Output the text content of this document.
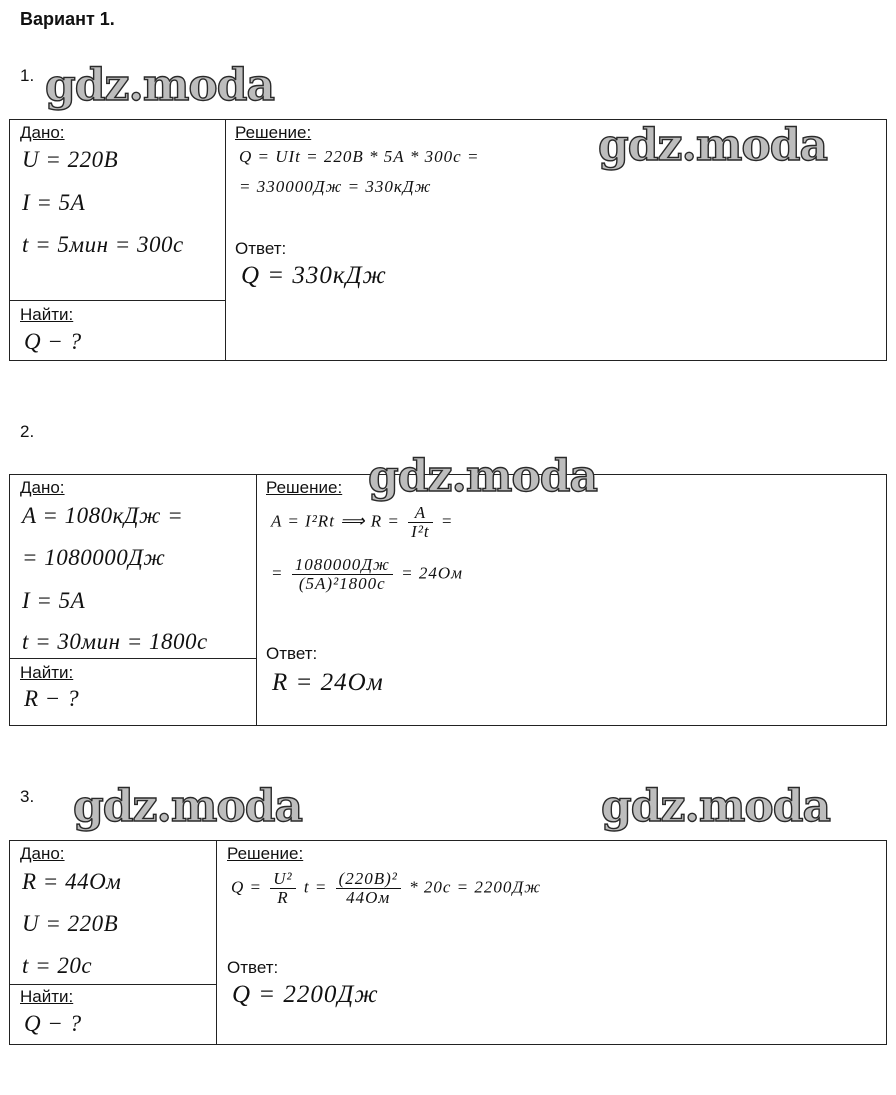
Вариант 1.
1. gdz.moda
Дано:
U = 220В
I = 5А
t = 5мин = 300с
Найти:
Q − ?
Решение:
Q = UIt = 220В * 5А * 300с =
= 330000Дж = 330кДж
gdz.moda
Ответ:
Q = 330кДж
2.
Дано:
A = 1080кДж =
= 1080000Дж
I = 5А
t = 30мин = 1800с
Найти:
R − ?
Решение: gdz.moda
A = I²Rt ⟹ $R = \frac{A}{\text{I²t}}$ =
= $\frac{1080000Дж}{\text{(5А)²1800с}} = 24Ом$
Ответ:
R = 24Ом
3. gdz.moda	gdz.moda
Дано:
R = 44Ом
U = 220В
t = 20с
Найти:
Q − ?
Решение:
$Q = \frac{\text{U²}}{R}$ $t = \frac{\text{(220В)²}}{44Ом} * 20с = 2200Дж$
Ответ:
Q = 2200Дж
